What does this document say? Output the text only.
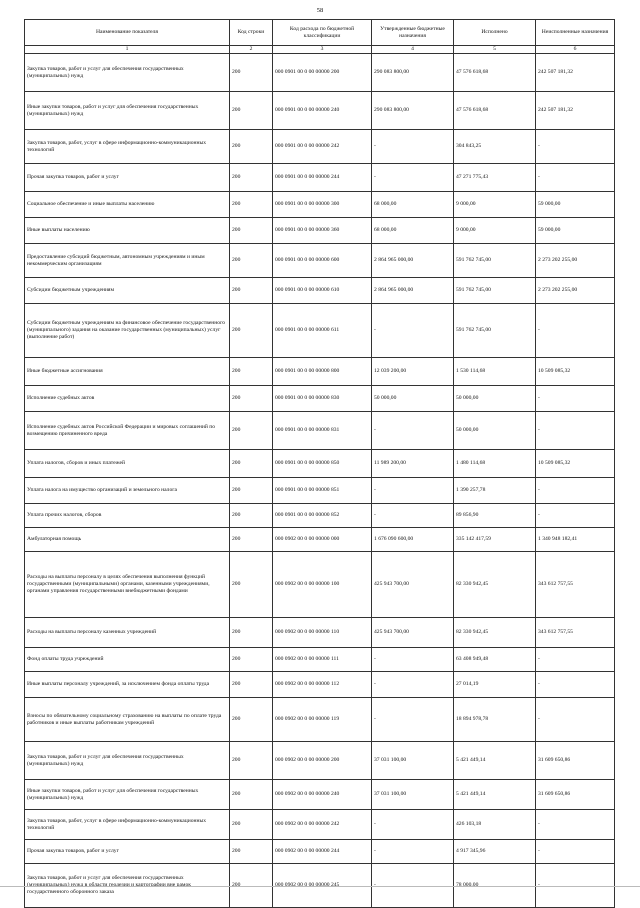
58
Наименование показателя	Код строки	Код расхода по бюджетной классификации	Утвержденные бюджетные назначения	Исполнено	Неисполненные назначения
1	2	3	4	5	6
Закупка товаров, работ и услуг для обеспечения государственных (муниципальных) нужд	200	000 0901 00 0 00 00000 200	290 083 800,00	47 576 618,68	242 507 181,32
Иные закупки товаров, работ и услуг для обеспечения государственных (муниципальных) нужд	200	000 0901 00 0 00 00000 240	290 083 800,00	47 576 618,68	242 507 181,32
Закупка товаров, работ, услуг в сфере информационно-коммуникационных технологий	200	000 0901 00 0 00 00000 242	-	304 843,25	-
Прочая закупка товаров, работ и услуг	200	000 0901 00 0 00 00000 244	-	47 271 775,43	-
Социальное обеспечение и иные выплаты населению	200	000 0901 00 0 00 00000 300	68 000,00	9 000,00	59 000,00
Иные выплаты населению	200	000 0901 00 0 00 00000 360	68 000,00	9 000,00	59 000,00
Предоставление субсидий бюджетным, автономным учреждениям и иным некоммерческим организациям	200	000 0901 00 0 00 00000 600	2 864 965 000,00	591 762 745,00	2 273 202 255,00
Субсидии бюджетным учреждениям	200	000 0901 00 0 00 00000 610	2 864 965 000,00	591 762 745,00	2 273 202 255,00
Субсидии бюджетным учреждениям на финансовое обеспечение государственного (муниципального) задания на оказание государственных (муниципальных) услуг (выполнение работ)	200	000 0901 00 0 00 00000 611	-	591 762 745,00	-
Иные бюджетные ассигнования	200	000 0901 00 0 00 00000 800	12 039 200,00	1 530 114,68	10 509 085,32
Исполнение судебных актов	200	000 0901 00 0 00 00000 830	50 000,00	50 000,00	-
Исполнение судебных актов Российской Федерации и мировых соглашений по возмещению причиненного вреда	200	000 0901 00 0 00 00000 831	-	50 000,00	-
Уплата налогов, сборов и иных платежей	200	000 0901 00 0 00 00000 850	11 989 200,00	1 480 114,68	10 509 085,32
Уплата налога на имущество организаций и земельного налога	200	000 0901 00 0 00 00000 851	-	1 390 257,78	-
Уплата прочих налогов, сборов	200	000 0901 00 0 00 00000 852	-	89 856,90	-
Амбулаторная помощь	200	000 0902 00 0 00 00000 000	1 676 090 600,00	335 142 417,59	1 340 948 182,41
Расходы на выплаты персоналу в целях обеспечения выполнения функций государственными (муниципальными) органами, казенными учреждениями, органами управления государственными внебюджетными фондами	200	000 0902 00 0 00 00000 100	425 943 700,00	82 330 942,45	343 612 757,55
Расходы на выплаты персоналу казенных учреждений	200	000 0902 00 0 00 00000 110	425 943 700,00	82 330 942,45	343 612 757,55
Фонд оплаты труда учреждений	200	000 0902 00 0 00 00000 111	-	63 408 949,48	-
Иные выплаты персоналу учреждений, за исключением фонда оплаты труда	200	000 0902 00 0 00 00000 112	-	27 014,19	-
Взносы по обязательному социальному страхованию на выплаты по оплате труда работников и иные выплаты работникам учреждений	200	000 0902 00 0 00 00000 119	-	18 894 978,78	-
Закупка товаров, работ и услуг для обеспечения государственных (муниципальных) нужд	200	000 0902 00 0 00 00000 200	37 031 100,00	5 421 449,14	31 609 650,86
Иные закупки товаров, работ и услуг для обеспечения государственных (муниципальных) нужд	200	000 0902 00 0 00 00000 240	37 031 100,00	5 421 449,14	31 609 650,86
Закупка товаров, работ, услуг в сфере информационно-коммуникационных технологий	200	000 0902 00 0 00 00000 242	-	426 103,18	-
Прочая закупка товаров, работ и услуг	200	000 0902 00 0 00 00000 244	-	4 917 345,96	-
Закупка товаров, работ и услуг для обеспечения государственных (муниципальных) нужд в области геодезии и картографии вне рамок государственного оборонного заказа	200	000 0902 00 0 00 00000 245	-	78 000,00	-
